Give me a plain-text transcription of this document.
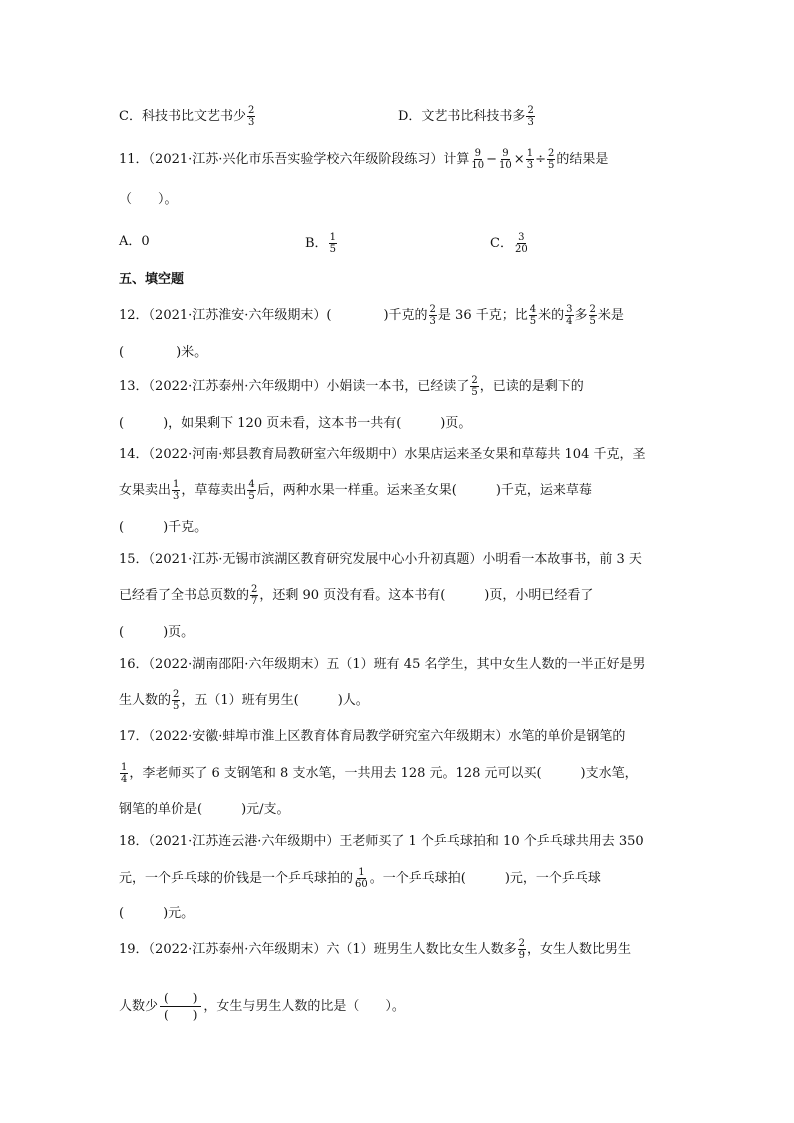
C．科技书比文艺书少 $\frac{2}{3}$	D．文艺书比科技书多 $\frac{2}{3}$
11．（2021·江苏·兴化市乐吾实验学校六年级阶段练习）计算 $\frac{9}{10} - \frac{9}{10} \times \frac{1}{3} \div \frac{2}{5}$ 的结果是
（　　）。
A．0	B． $\frac{1}{5}$	C． $\frac{3}{20}$
五、填空题
12．（2021·江苏淮安·六年级期末）(　　　　)千克的 $\frac{2}{3}$ 是 36 千克；比 $\frac{4}{5}$ 米的 $\frac{3}{4}$ 多 $\frac{2}{5}$ 米是
(　　　　)米。
13．（2022·江苏泰州·六年级期中）小娟读一本书，已经读了 $\frac{2}{5}$ ，已读的是剩下的
(　　　)，如果剩下 120 页未看，这本书一共有(　　　)页。
14．（2022·河南·郏县教育局教研室六年级期中）水果店运来圣女果和草莓共 104 千克，圣
女果卖出 $\frac{1}{3}$ ，草莓卖出 $\frac{4}{5}$ 后，两种水果一样重。运来圣女果(　　　)千克，运来草莓
(　　　)千克。
15．（2021·江苏·无锡市滨湖区教育研究发展中心小升初真题）小明看一本故事书，前 3 天
已经看了全书总页数的 $\frac{2}{7}$ ，还剩 90 页没有看。这本书有(　　　)页，小明已经看了
(　　　)页。
16．（2022·湖南邵阳·六年级期末）五（1）班有 45 名学生，其中女生人数的一半正好是男
生人数的 $\frac{2}{5}$ ，五（1）班有男生(　　　)人。
17．（2022·安徽·蚌埠市淮上区教育体育局教学研究室六年级期末）水笔的单价是钢笔的
$\frac{1}{4}$ ，李老师买了 6 支钢笔和 8 支水笔，一共用去 128 元。128 元可以买(　　　)支水笔，
钢笔的单价是(　　　)元/支。
18．（2021·江苏连云港·六年级期中）王老师买了 1 个乒乓球拍和 10 个乒乓球共用去 350
元，一个乒乓球的价钱是一个乒乓球拍的 $\frac{1}{60}$ 。一个乒乓球拍(　　　)元，一个乒乓球
(　　　)元。
19．（2022·江苏泰州·六年级期末）六（1）班男生人数比女生人数多 $\frac{2}{9}$ ，女生人数比男生
人数少
(　　)
(　　)
，女生与男生人数的比是（　　）。
